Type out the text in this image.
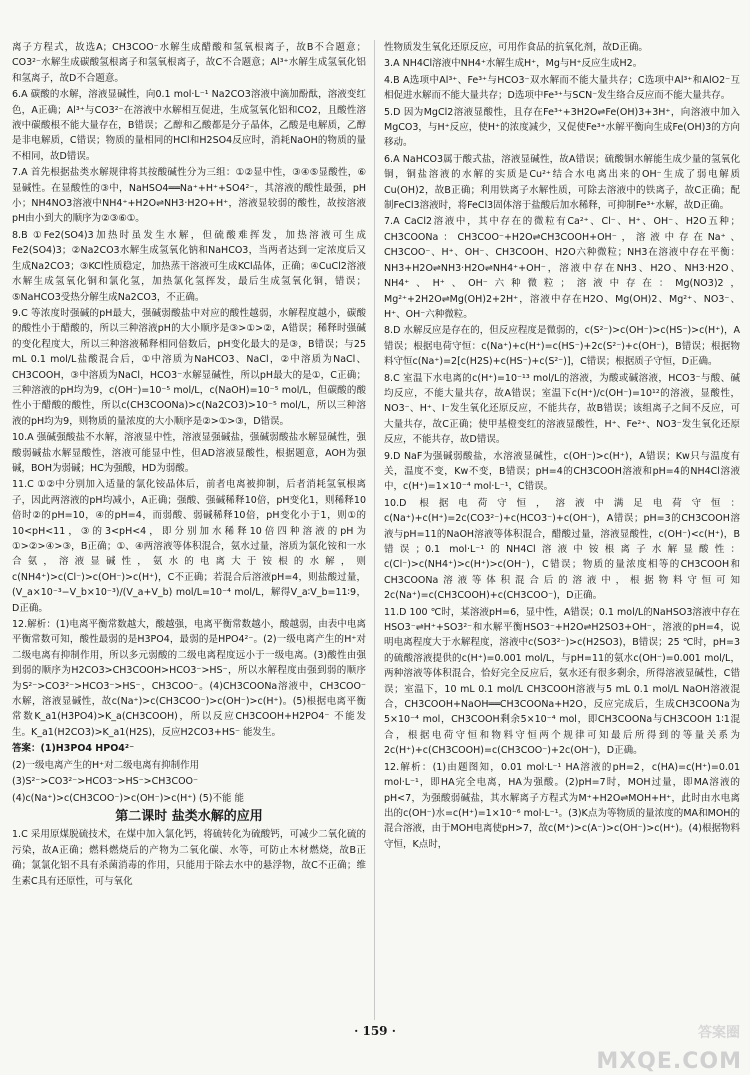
离子方程式，故选A；CH3COO⁻水解生成醋酸和氢氧根离子，故B不合题意；CO3²⁻水解生成碳酸氢根离子和氢氧根离子，故C不合题意；Al³⁺水解生成氢氧化铝和氢离子，故D不合题意。

6.A 碳酸的水解，溶液显碱性，向0.1 mol·L⁻¹ Na2CO3溶液中滴加酚酞，溶液变红色，A正确；Al³⁺与CO3²⁻在溶液中水解相互促进，生成氢氧化铝和CO2，且酸性溶液中碳酸根不能大量存在，B错误；乙醇和乙酸都是分子晶体，乙酸是电解质，乙醇是非电解质，C错误；物质的量相同的HCl和H2SO4反应时，消耗NaOH的物质的量不相同，故D错误。

7.A 首先根据盐类水解规律将其按酸碱性分为三组：①②显中性，③④⑤显酸性，⑥显碱性。在显酸性的③中，NaHSO4══Na⁺+H⁺+SO4²⁻，其溶液的酸性最强，pH小；NH4NO3溶液中NH4⁺+H2O⇌NH3·H2O+H⁺，溶液显较弱的酸性，故按溶液pH由小到大的顺序为②③⑥①。

8.B ①Fe2(SO4)3加热时虽发生水解，但硫酸难挥发，加热溶液可生成Fe2(SO4)3；②Na2CO3水解生成氢氧化钠和NaHCO3，当两者达到一定浓度后又生成Na2CO3；③KCl性质稳定，加热蒸干溶液可生成KCl晶体，正确；④CuCl2溶液水解生成氢氧化铜和氯化氢，加热氯化氢挥发，最后生成氢氧化铜，错误；⑤NaHCO3受热分解生成Na2CO3，不正确。

9.C 等浓度时强碱的pH最大，强碱弱酸盐中对应的酸性越弱，水解程度越小，碳酸的酸性小于醋酸的，所以三种溶液pH的大小顺序是③>①>②，A错误；稀释时强碱的变化程度大，所以三种溶液稀释相同倍数后，pH变化最大的是③，B错误；与25 mL 0.1 mol/L盐酸混合后，①中溶质为NaHCO3、NaCl，②中溶质为NaCl、CH3COOH，③中溶质为NaCl，HCO3⁻水解显碱性，所以pH最大的是①，C正确；三种溶液的pH均为9，c(OH⁻)=10⁻⁵ mol/L，c(NaOH)=10⁻⁵ mol/L，但碳酸的酸性小于醋酸的酸性，所以c(CH3COONa)>c(Na2CO3)>10⁻⁵ mol/L，所以三种溶液的pH均为9，则物质的量浓度的大小顺序是②>①>③，D错误。

10.A 强碱强酸盐不水解，溶液显中性，溶液显强碱盐，强碱弱酸盐水解显碱性，强酸弱碱盐水解显酸性，溶液可能显中性，但AD溶液显酸性，根据题意，AOH为强碱，BOH为弱碱；HC为强酸，HD为弱酸。

11.C ①②中分别加入适量的氯化铵晶体后，前者电离被抑制，后者消耗氢氧根离子，因此两溶液的pH均减小，A正确；强酸、强碱稀释10倍，pH变化1，则稀释10倍时②的pH=10，④的pH=4，而弱酸、弱碱稀释10倍，pH变化小于1，则①的10<pH<11，③的3<pH<4，即分别加水稀释10倍四种溶液的pH为①>②>④>③，B正确；①、④两溶液等体积混合，氨水过量，溶质为氯化铵和一水合氨，溶液显碱性，氨水的电离大于铵根的水解，则c(NH4⁺)>c(Cl⁻)>c(OH⁻)>c(H⁺)，C不正确；若混合后溶液pH=4，则盐酸过量，(V_a×10⁻³−V_b×10⁻³)/(V_a+V_b) mol/L=10⁻⁴ mol/L，解得V_a∶V_b=11∶9，D正确。

12.解析：(1)电离平衡常数越大，酸越强，电离平衡常数越小，酸越弱，由表中电离平衡常数可知，酸性最弱的是H3PO4，最弱的是HPO4²⁻。(2)一级电离产生的H⁺对二级电离有抑制作用，所以多元弱酸的二级电离程度远小于一级电离。(3)酸性由强到弱的顺序为H2CO3>CH3COOH>HCO3⁻>HS⁻，所以水解程度由强到弱的顺序为S²⁻>CO3²⁻>HCO3⁻>HS⁻，CH3COO⁻。(4)CH3COONa溶液中，CH3COO⁻水解，溶液显碱性，故c(Na⁺)>c(CH3COO⁻)>c(OH⁻)>c(H⁺)。(5)根据电离平衡常数K_a1(H3PO4)>K_a(CH3COOH)，所以反应CH3COOH+H2PO4⁻ 不能发生。K_a1(H2CO3)>K_a1(H2S)，反应H2CO3+HS⁻ 能发生。

答案：(1)H3PO4 HPO4²⁻

(2)一级电离产生的H⁺对二级电离有抑制作用

(3)S²⁻>CO3²⁻>HCO3⁻>HS⁻>CH3COO⁻

(4)c(Na⁺)>c(CH3COO⁻)>c(OH⁻)>c(H⁺) (5)不能 能

第二课时 盐类水解的应用

1.C 采用原煤脱硫技术，在煤中加入氯化钙，将硫转化为硫酸钙，可减少二氧化硫的污染，故A正确；燃料燃烧后的产物为二氧化碳、水等，可防止木材燃烧，故B正确；氯氯化铝不具有杀菌消毒的作用，只能用于除去水中的悬浮物，故C不正确；维生素C具有还原性，可与氧化

性物质发生氧化还原反应，可用作食品的抗氧化剂，故D正确。

3.A NH4Cl溶液中NH4⁺水解生成H⁺，Mg与H⁺反应生成H2。

4.B A选项中Al³⁺、Fe³⁺与HCO3⁻双水解而不能大量共存；C选项中Al³⁺和AlO2⁻互相促进水解而不能大量共存；D选项中Fe³⁺与SCN⁻发生络合反应而不能大量共存。

5.D 因为MgCl2溶液显酸性，且存在Fe³⁺+3H2O⇌Fe(OH)3+3H⁺，向溶液中加入MgCO3，与H⁺反应，使H⁺的浓度减少，又促使Fe³⁺水解平衡向生成Fe(OH)3的方向移动。

6.A NaHCO3属于酸式盐，溶液显碱性，故A错误；硫酸铜水解能生成少量的氢氧化铜，铜盐溶液的水解的实质是Cu²⁺结合水电离出来的OH⁻生成了弱电解质Cu(OH)2，故B正确；利用铁离子水解性质，可除去溶液中的铁离子，故C正确；配制FeCl3溶液时，将FeCl3固体溶于盐酸后加水稀释，可抑制Fe³⁺水解，故D正确。

7.A CaCl2溶液中，其中存在的微粒有Ca²⁺、Cl⁻、H⁺、OH⁻、H2O五种；CH3COONa：CH3COO⁻+H2O⇌CH3COOH+OH⁻，溶液中存在Na⁺、CH3COO⁻、H⁺、OH⁻、CH3COOH、H2O六种微粒；NH3在溶液中存在平衡：NH3+H2O⇌NH3·H2O⇌NH4⁺+OH⁻，溶液中存在NH3、H2O、NH3·H2O、NH4⁺、H⁺、OH⁻六种微粒；溶液中存在：Mg(NO3)2，Mg²⁺+2H2O⇌Mg(OH)2+2H⁺，溶液中存在H2O、Mg(OH)2、Mg²⁺、NO3⁻、H⁺、OH⁻六种微粒。

8.D 水解反应是存在的，但反应程度是微弱的，c(S²⁻)>c(OH⁻)>c(HS⁻)>c(H⁺)，A错误；根据电荷守恒：c(Na⁺)+c(H⁺)=c(HS⁻)+2c(S²⁻)+c(OH⁻)，B错误；根据物料守恒c(Na⁺)=2[c(H2S)+c(HS⁻)+c(S²⁻)]，C错误；根据质子守恒，D正确。

8.C 室温下水电离的c(H⁺)=10⁻¹³ mol/L的溶液，为酸或碱溶液，HCO3⁻与酸、碱均反应，不能大量共存，故A错误；室温下c(H⁺)/c(OH⁻)=10¹²的溶液，显酸性，NO3⁻、H⁺、I⁻发生氧化还原反应，不能共存，故B错误；该组离子之间不反应，可大量共存，故C正确；使甲基橙变红的溶液显酸性，H⁺、Fe²⁺、NO3⁻发生氧化还原反应，不能共存，故D错误。

9.D NaF为强碱弱酸盐，水溶液显碱性，c(OH⁻)>c(H⁺)，A错误；Kw只与温度有关，温度不变，Kw不变，B错误；pH=4的CH3COOH溶液和pH=4的NH4Cl溶液中，c(H⁺)=1×10⁻⁴ mol·L⁻¹，C错误。

10.D 根据电荷守恒，溶液中满足电荷守恒：c(Na⁺)+c(H⁺)=2c(CO3²⁻)+c(HCO3⁻)+c(OH⁻)，A错误；pH=3的CH3COOH溶液与pH=11的NaOH溶液等体积混合，醋酸过量，溶液显酸性，c(OH⁻)<c(H⁺)，B错误；0.1 mol·L⁻¹的NH4Cl溶液中铵根离子水解显酸性：c(Cl⁻)>c(NH4⁺)>c(H⁺)>c(OH⁻)，C错误；物质的量浓度相等的CH3COOH和CH3COONa溶液等体积混合后的溶液中，根据物料守恒可知2c(Na⁺)=c(CH3COOH)+c(CH3COO⁻)，D正确。

11.D 100 ℃时，某溶液pH=6，显中性，A错误；0.1 mol/L的NaHSO3溶液中存在HSO3⁻⇌H⁺+SO3²⁻和水解平衡HSO3⁻+H2O⇌H2SO3+OH⁻，溶液的pH=4，说明电离程度大于水解程度，溶液中c(SO3²⁻)>c(H2SO3)，B错误；25 ℃时，pH=3的硫酸溶液提供的c(H⁺)=0.001 mol/L，与pH=11的氨水c(OH⁻)=0.001 mol/L，两种溶液等体积混合，恰好完全反应后，氨水还有很多剩余，所得溶液显碱性，C错误；室温下，10 mL 0.1 mol/L CH3COOH溶液与5 mL 0.1 mol/L NaOH溶液混合，CH3COOH+NaOH══CH3COONa+H2O，反应完成后，生成CH3COONa为5×10⁻⁴ mol，CH3COOH剩余5×10⁻⁴ mol，即CH3COONa与CH3COOH 1∶1混合，根据电荷守恒和物料守恒两个规律可知最后所得到的等量关系为2c(H⁺)+c(CH3COOH)=c(CH3COO⁻)+2c(OH⁻)，D正确。

12.解析：(1)由题图知，0.01 mol·L⁻¹ HA溶液的pH=2，c(HA)=c(H⁺)=0.01 mol·L⁻¹，即HA完全电离，HA为强酸。(2)pH=7时，MOH过量，即MA溶液的pH<7，为强酸弱碱盐，其水解离子方程式为M⁺+H2O⇌MOH+H⁺，此时由水电离出的c(OH⁻)水=c(H⁺)=1×10⁻⁶ mol·L⁻¹。(3)K点为等物质的量浓度的MA和MOH的混合溶液，由于MOH电离使pH>7，故c(M⁺)>c(A⁻)>c(OH⁻)>c(H⁺)。(4)根据物料守恒，K点时，

· 159 ·	答案圈
MXQE.COM
